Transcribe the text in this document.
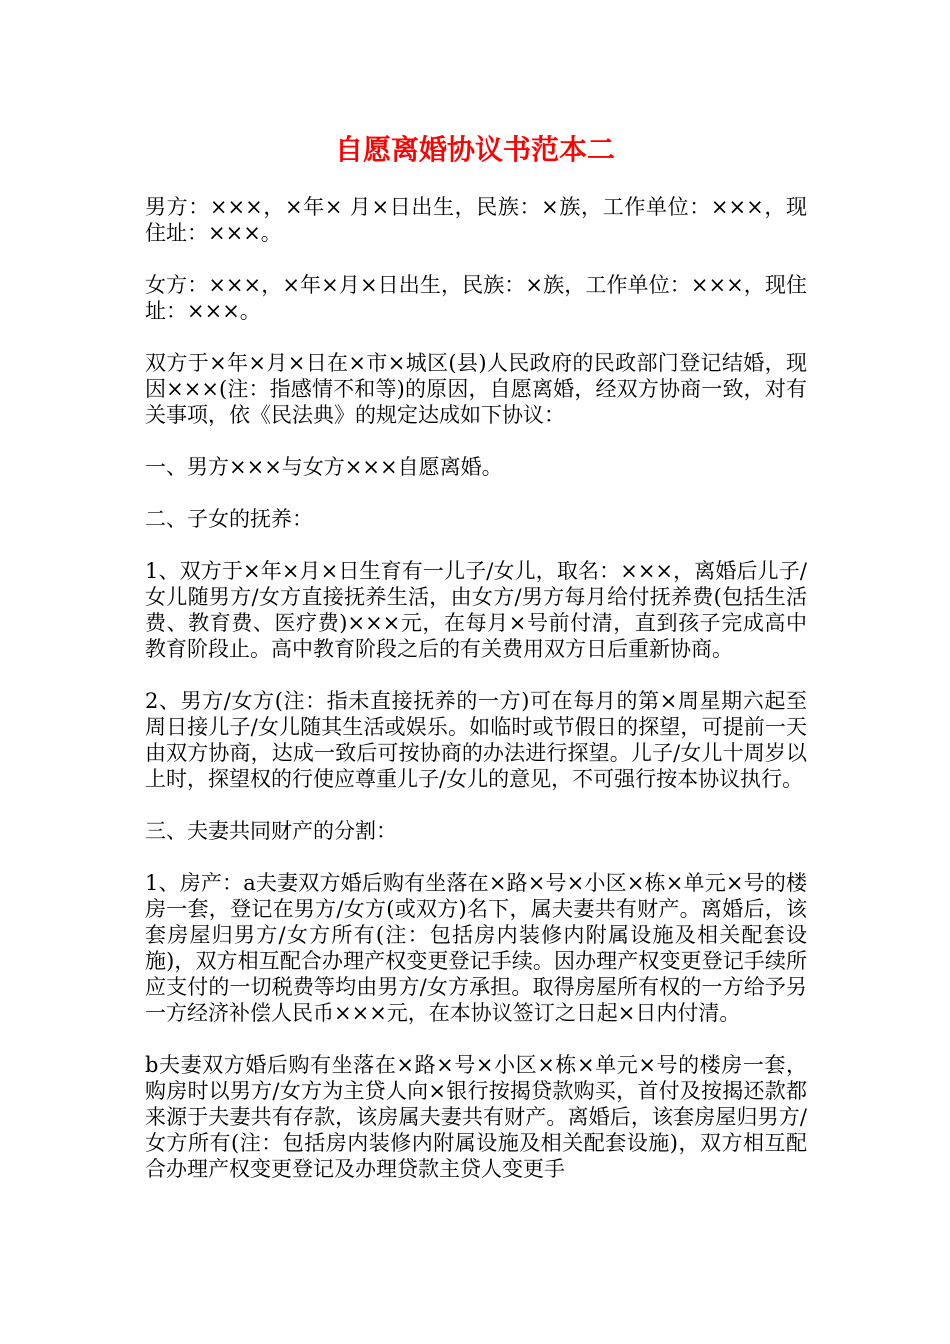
自愿离婚协议书范本二

男方：×××，×年× 月×日出生，民族：×族，工作单位：×××，现住址：×××。

女方：×××，×年×月×日出生，民族：×族，工作单位：×××，现住址：×××。

双方于×年×月×日在×市×城区(县)人民政府的民政部门登记结婚，现因×××(注：指感情不和等)的原因，自愿离婚，经双方协商一致，对有关事项，依《民法典》的规定达成如下协议：

一、男方×××与女方×××自愿离婚。

二、子女的抚养：

1、双方于×年×月×日生育有一儿子/女儿，取名：×××，离婚后儿子/女儿随男方/女方直接抚养生活，由女方/男方每月给付抚养费(包括生活费、教育费、医疗费)×××元，在每月×号前付清，直到孩子完成高中教育阶段止。高中教育阶段之后的有关费用双方日后重新协商。

2、男方/女方(注：指未直接抚养的一方)可在每月的第×周星期六起至周日接儿子/女儿随其生活或娱乐。如临时或节假日的探望，可提前一天由双方协商，达成一致后可按协商的办法进行探望。儿子/女儿十周岁以上时，探望权的行使应尊重儿子/女儿的意见，不可强行按本协议执行。

三、夫妻共同财产的分割：

1、房产：a夫妻双方婚后购有坐落在×路×号×小区×栋×单元×号的楼房一套，登记在男方/女方(或双方)名下，属夫妻共有财产。离婚后，该套房屋归男方/女方所有(注：包括房内装修内附属设施及相关配套设施)，双方相互配合办理产权变更登记手续。因办理产权变更登记手续所应支付的一切税费等均由男方/女方承担。取得房屋所有权的一方给予另一方经济补偿人民币×××元，在本协议签订之日起×日内付清。

b夫妻双方婚后购有坐落在×路×号×小区×栋×单元×号的楼房一套，购房时以男方/女方为主贷人向×银行按揭贷款购买，首付及按揭还款都来源于夫妻共有存款，该房属夫妻共有财产。离婚后，该套房屋归男方/女方所有(注：包括房内装修内附属设施及相关配套设施)，双方相互配合办理产权变更登记及办理贷款主贷人变更手
